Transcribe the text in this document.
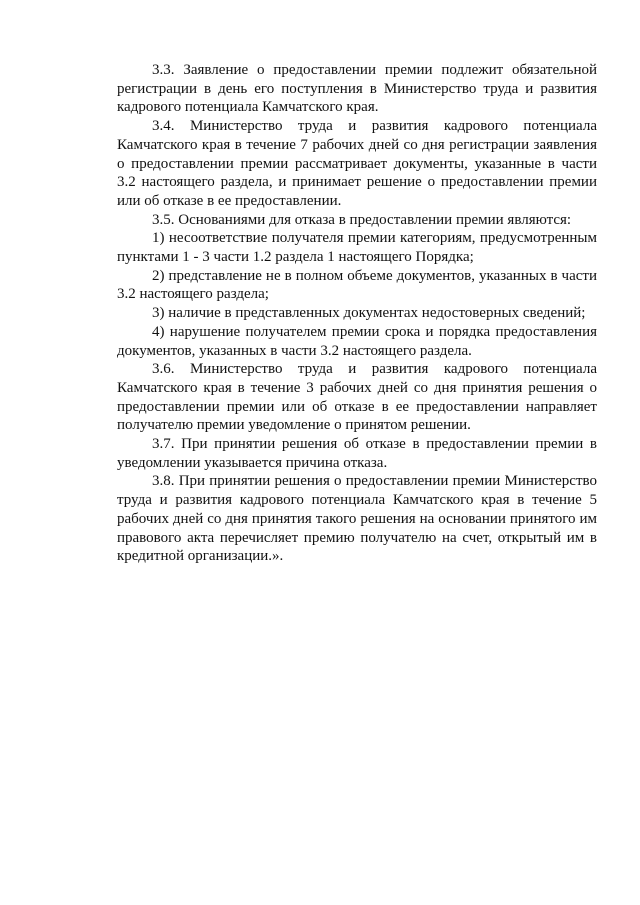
3.3. Заявление о предоставлении премии подлежит обязательной регистрации в день его поступления в Министерство труда и развития кадрового потенциала Камчатского края.

3.4. Министерство труда и развития кадрового потенциала Камчатского края в течение 7 рабочих дней со дня регистрации заявления о предоставлении премии рассматривает документы, указанные в части 3.2 настоящего раздела, и принимает решение о предоставлении премии или об отказе в ее предоставлении.

3.5. Основаниями для отказа в предоставлении премии являются:

1) несоответствие получателя премии категориям, предусмотренным пунктами 1 - 3 части 1.2 раздела 1 настоящего Порядка;

2) представление не в полном объеме документов, указанных в части 3.2 настоящего раздела;

3) наличие в представленных документах недостоверных сведений;

4) нарушение получателем премии срока и порядка предоставления документов, указанных в части 3.2 настоящего раздела.

3.6. Министерство труда и развития кадрового потенциала Камчатского края в течение 3 рабочих дней со дня принятия решения о предоставлении премии или об отказе в ее предоставлении направляет получателю премии уведомление о принятом решении.

3.7. При принятии решения об отказе в предоставлении премии в уведомлении указывается причина отказа.

3.8. При принятии решения о предоставлении премии Министерство труда и развития кадрового потенциала Камчатского края в течение 5 рабочих дней со дня принятия такого решения на основании принятого им правового акта перечисляет премию получателю на счет, открытый им в кредитной организации.».
